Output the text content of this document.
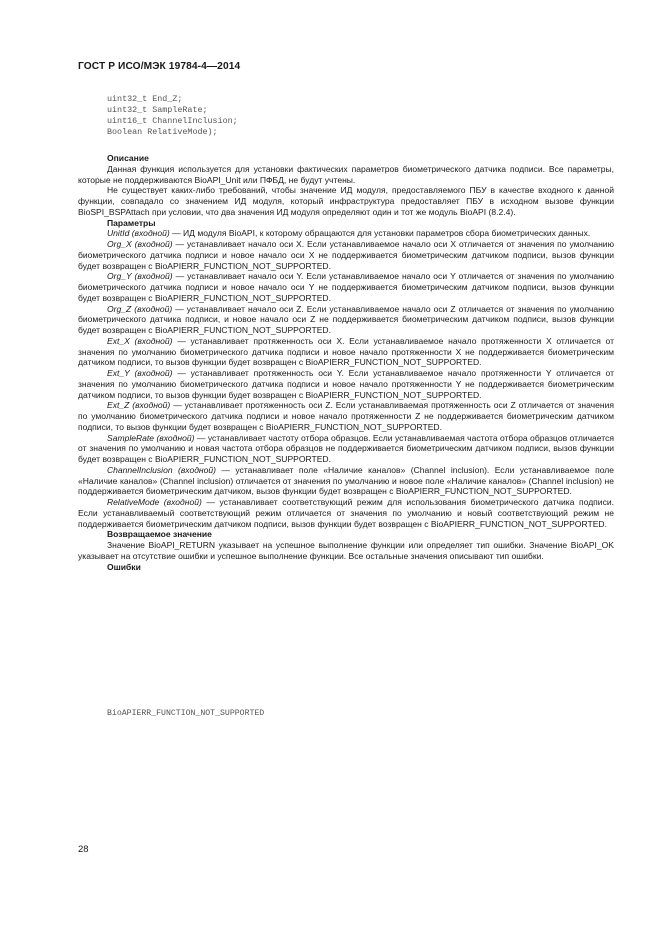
ГОСТ Р ИСО/МЭК 19784-4—2014
uint32_t End_Z;
uint32_t SampleRate;
uint16_t ChannelInclusion;
Boolean RelativeMode);

Описание

Данная функция используется для установки фактических параметров биометрического датчика подписи. Все параметры, которые не поддерживаются BioAPI_Unit или ПФБД, не будут учтены.

Не существует каких-либо требований, чтобы значение ИД модуля, предоставляемого ПБУ в качестве входного к данной функции, совпадало со значением ИД модуля, который инфраструктура предоставляет ПБУ в исходном вызове функции BioSPI_BSPAttach при условии, что два значения ИД модуля определяют один и тот же модуль BioAPI (8.2.4).

Параметры

UnitId (входной) — ИД модуля BioAPI, к которому обращаются для установки параметров сбора биометрических данных.

Org_X (входной) — устанавливает начало оси X. Если устанавливаемое начало оси X отличается от значения по умолчанию биометрического датчика подписи и новое начало оси X не поддерживается биометрическим датчиком подписи, вызов функции будет возвращен с BioAPIERR_FUNCTION_NOT_SUPPORTED.

Org_Y (входной) — устанавливает начало оси Y. Если устанавливаемое начало оси Y отличается от значения по умолчанию биометрического датчика подписи и новое начало оси Y не поддерживается биометрическим датчиком подписи, вызов функции будет возвращен с BioAPIERR_FUNCTION_NOT_SUPPORTED.

Org_Z (входной) — устанавливает начало оси Z. Если устанавливаемое начало оси Z отличается от значения по умолчанию биометрического датчика подписи, и новое начало оси Z не поддерживается биометрическим датчиком подписи, вызов функции будет возвращен с BioAPIERR_FUNCTION_NOT_SUPPORTED.

Ext_X (входной) — устанавливает протяженность оси X. Если устанавливаемое начало протяженности X отличается от значения по умолчанию биометрического датчика подписи и новое начало протяженности X не поддерживается биометрическим датчиком подписи, то вызов функции будет возвращен с BioAPIERR_FUNCTION_NOT_SUPPORTED.

Ext_Y (входной) — устанавливает протяженность оси Y. Если устанавливаемое начало протяженности Y отличается от значения по умолчанию биометрического датчика подписи и новое начало протяженности Y не поддерживается биометрическим датчиком подписи, то вызов функции будет возвращен с BioAPIERR_FUNCTION_NOT_SUPPORTED.

Ext_Z (входной) — устанавливает протяженность оси Z. Если устанавливаемая протяженность оси Z отличается от значения по умолчанию биометрического датчика подписи и новое начало протяженности Z не поддерживается биометрическим датчиком подписи, то вызов функции будет возвращен с BioAPIERR_FUNCTION_NOT_SUPPORTED.

SampleRate (входной) — устанавливает частоту отбора образцов. Если устанавливаемая частота отбора образцов отличается от значения по умолчанию и новая частота отбора образцов не поддерживается биометрическим датчиком подписи, вызов функции будет возвращен с BioAPIERR_FUNCTION_NOT_SUPPORTED.

ChannelInclusion (входной) — устанавливает поле «Наличие каналов» (Channel inclusion). Если устанавливаемое поле «Наличие каналов» (Channel inclusion) отличается от значения по умолчанию и новое поле «Наличие каналов» (Channel inclusion) не поддерживается биометрическим датчиком, вызов функции будет возвращен с BioAPIERR_FUNCTION_NOT_SUPPORTED.

RelativeMode (входной) — устанавливает соответствующий режим для использования биометрического датчика подписи. Если устанавливаемый соответствующий режим отличается от значения по умолчанию и новый соответствующий режим не поддерживается биометрическим датчиком подписи, вызов функции будет возвращен с BioAPIERR_FUNCTION_NOT_SUPPORTED.

Возвращаемое значение

Значение BioAPI_RETURN указывает на успешное выполнение функции или определяет тип ошибки. Значение BioAPI_OK указывает на отсутствие ошибки и успешное выполнение функции. Все остальные значения описывают тип ошибки.

Ошибки

BioAPIERR_FUNCTION_NOT_SUPPORTED
28
